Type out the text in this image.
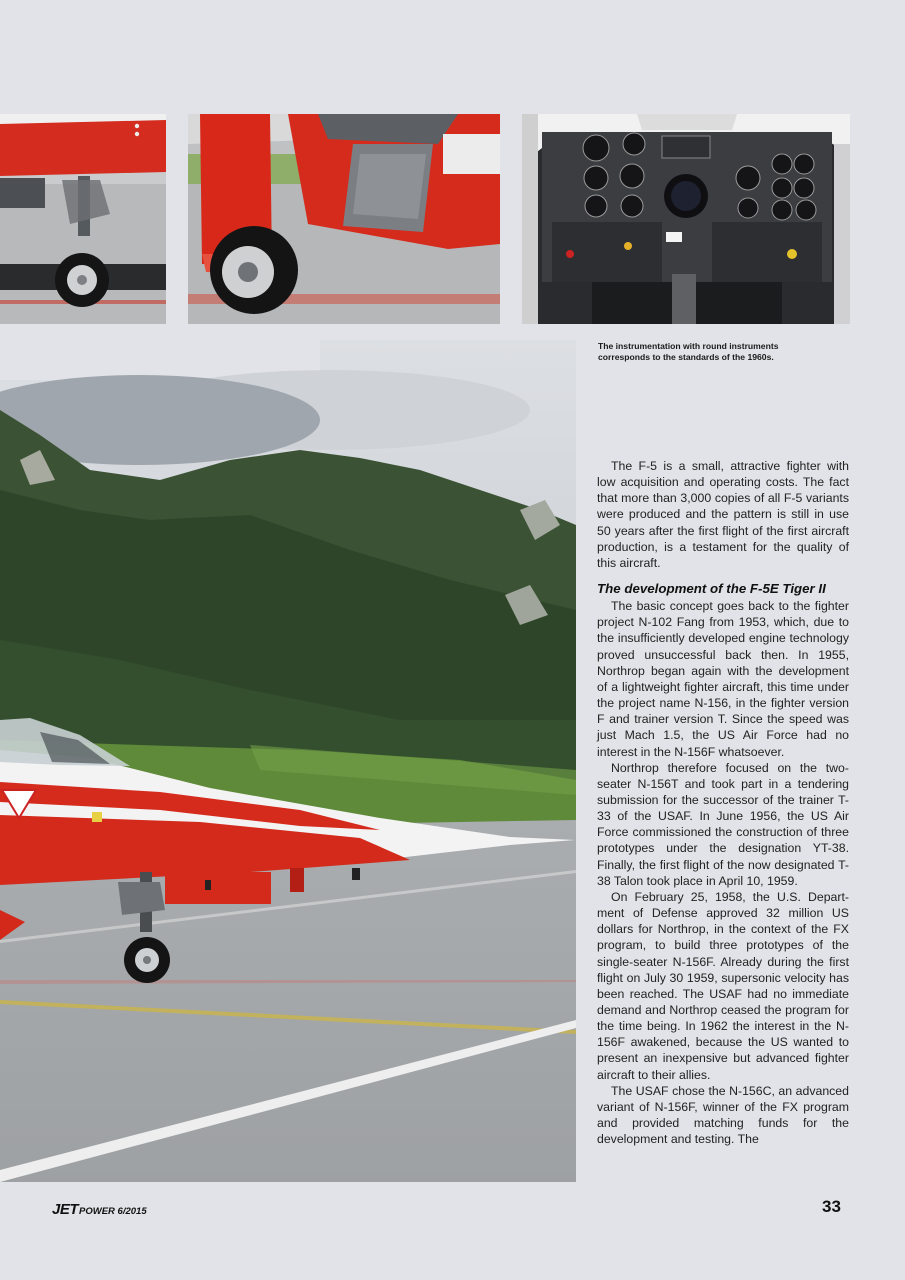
The instrumentation with round instruments corresponds to the standards of the 1960s.

The F-5 is a small, attractive fighter with low acquisition and operating costs. The fact that more than 3,000 copies of all F-5 variants were produced and the pattern is still in use 50 years after the first flight of the first aircraft production, is a testament for the quality of this aircraft.

The development of the F-5E Tiger II

The basic concept goes back to the fighter project N-102 Fang from 1953, which, due to the insufficiently developed engine technology proved unsuccessful back then. In 1955, Northrop began again with the development of a lightweight fighter aircraft, this time under the project name N-156, in the fighter version F and trainer version T. Since the speed was just Mach 1.5, the US Air Force had no interest in the N-156F whatsoever.

Northrop therefore focused on the two-seater N-156T and took part in a tendering submission for the successor of the trainer T-33 of the USAF. In June 1956, the US Air Force commissioned the construction of three prototypes under the designation YT-38. Finally, the first flight of the now designated T-38 Talon took place in April 10, 1959.

On February 25, 1958, the U.S. Department of Defense approved 32 million US dollars for Northrop, in the context of the FX program, to build three prototypes of the single-seater N-156F. Already during the first flight on July 30 1959, supersonic velocity has been reached. The USAF had no immediate demand and Northrop ceased the program for the time being. In 1962 the interest in the N-156F awakened, because the US wanted to present an inexpensive but advanced fighter aircraft to their allies.

The USAF chose the N-156C, an advanced variant of N-156F, winner of the FX program and provided matching funds for the development and testing. The

JETPOWER 6/2015	33
